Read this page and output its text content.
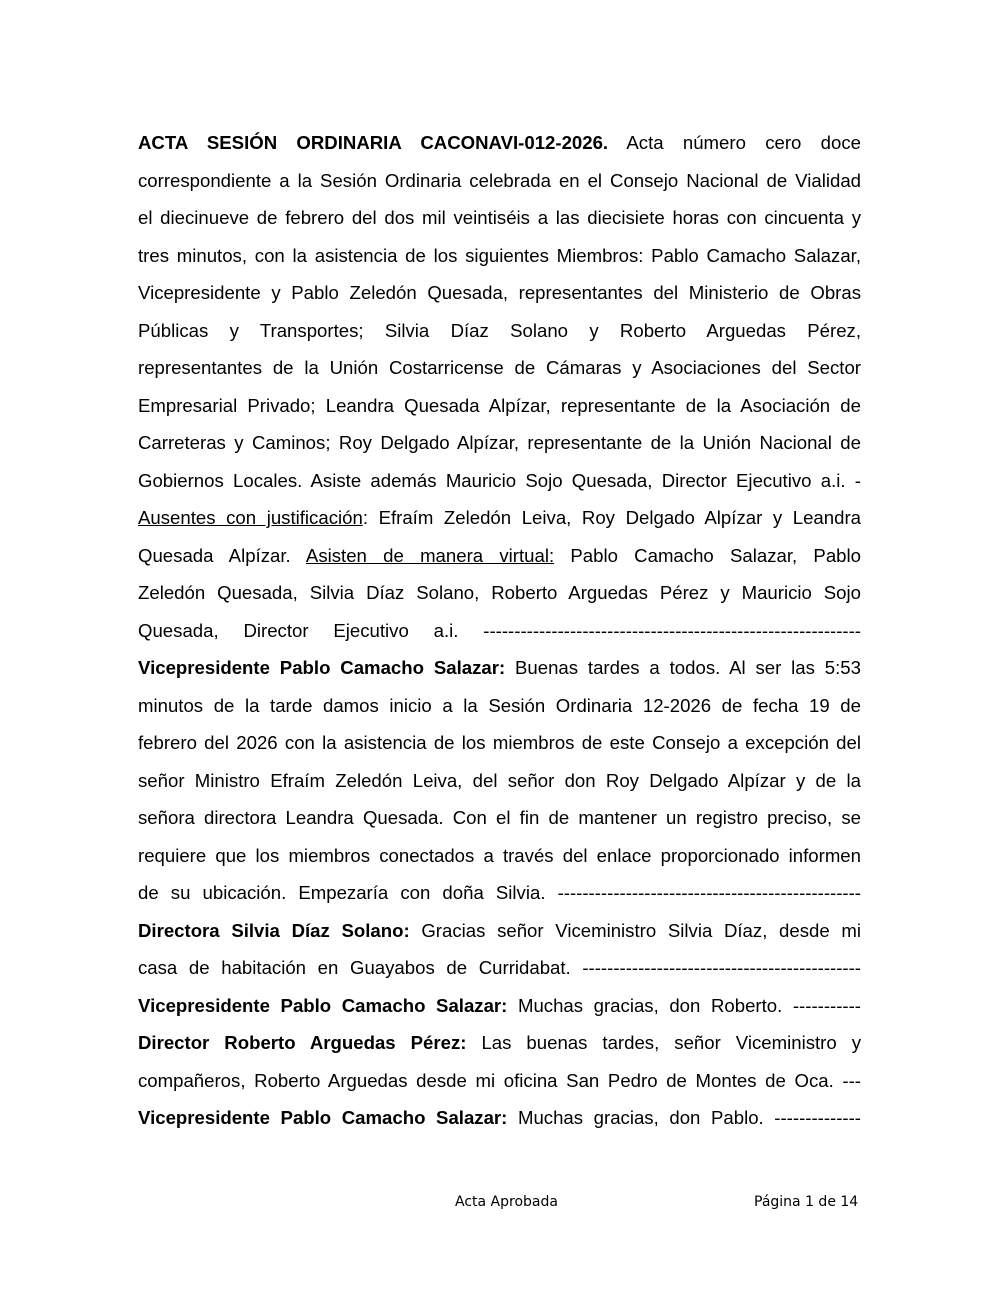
ACTA SESIÓN ORDINARIA CACONAVI-012-2026. Acta número cero doce
correspondiente a la Sesión Ordinaria celebrada en el Consejo Nacional de Vialidad
el diecinueve de febrero del dos mil veintiséis a las diecisiete horas con cincuenta y
tres minutos, con la asistencia de los siguientes Miembros: Pablo Camacho Salazar,
Vicepresidente y Pablo Zeledón Quesada, representantes del Ministerio de Obras
Públicas y Transportes; Silvia Díaz Solano y Roberto Arguedas Pérez,
representantes de la Unión Costarricense de Cámaras y Asociaciones del Sector
Empresarial Privado; Leandra Quesada Alpízar, representante de la Asociación de
Carreteras y Caminos; Roy Delgado Alpízar, representante de la Unión Nacional de
Gobiernos Locales. Asiste además Mauricio Sojo Quesada, Director Ejecutivo a.i. -
Ausentes con justificación: Efraím Zeledón Leiva, Roy Delgado Alpízar y Leandra
Quesada Alpízar. Asisten de manera virtual: Pablo Camacho Salazar, Pablo
Zeledón Quesada, Silvia Díaz Solano, Roberto Arguedas Pérez y Mauricio Sojo
Quesada, Director Ejecutivo a.i. -------------------------------------------------------------
Vicepresidente Pablo Camacho Salazar: Buenas tardes a todos. Al ser las 5:53
minutos de la tarde damos inicio a la Sesión Ordinaria 12-2026 de fecha 19 de
febrero del 2026 con la asistencia de los miembros de este Consejo a excepción del
señor Ministro Efraím Zeledón Leiva, del señor don Roy Delgado Alpízar y de la
señora directora Leandra Quesada. Con el fin de mantener un registro preciso, se
requiere que los miembros conectados a través del enlace proporcionado informen
de su ubicación. Empezaría con doña Silvia. -------------------------------------------------
Directora Silvia Díaz Solano: Gracias señor Viceministro Silvia Díaz, desde mi
casa de habitación en Guayabos de Curridabat. ---------------------------------------------
Vicepresidente Pablo Camacho Salazar: Muchas gracias, don Roberto. -----------
Director Roberto Arguedas Pérez: Las buenas tardes, señor Viceministro y
compañeros, Roberto Arguedas desde mi oficina San Pedro de Montes de Oca. ---
Vicepresidente Pablo Camacho Salazar: Muchas gracias, don Pablo. --------------
Acta Aprobada	Página 1 de 14
